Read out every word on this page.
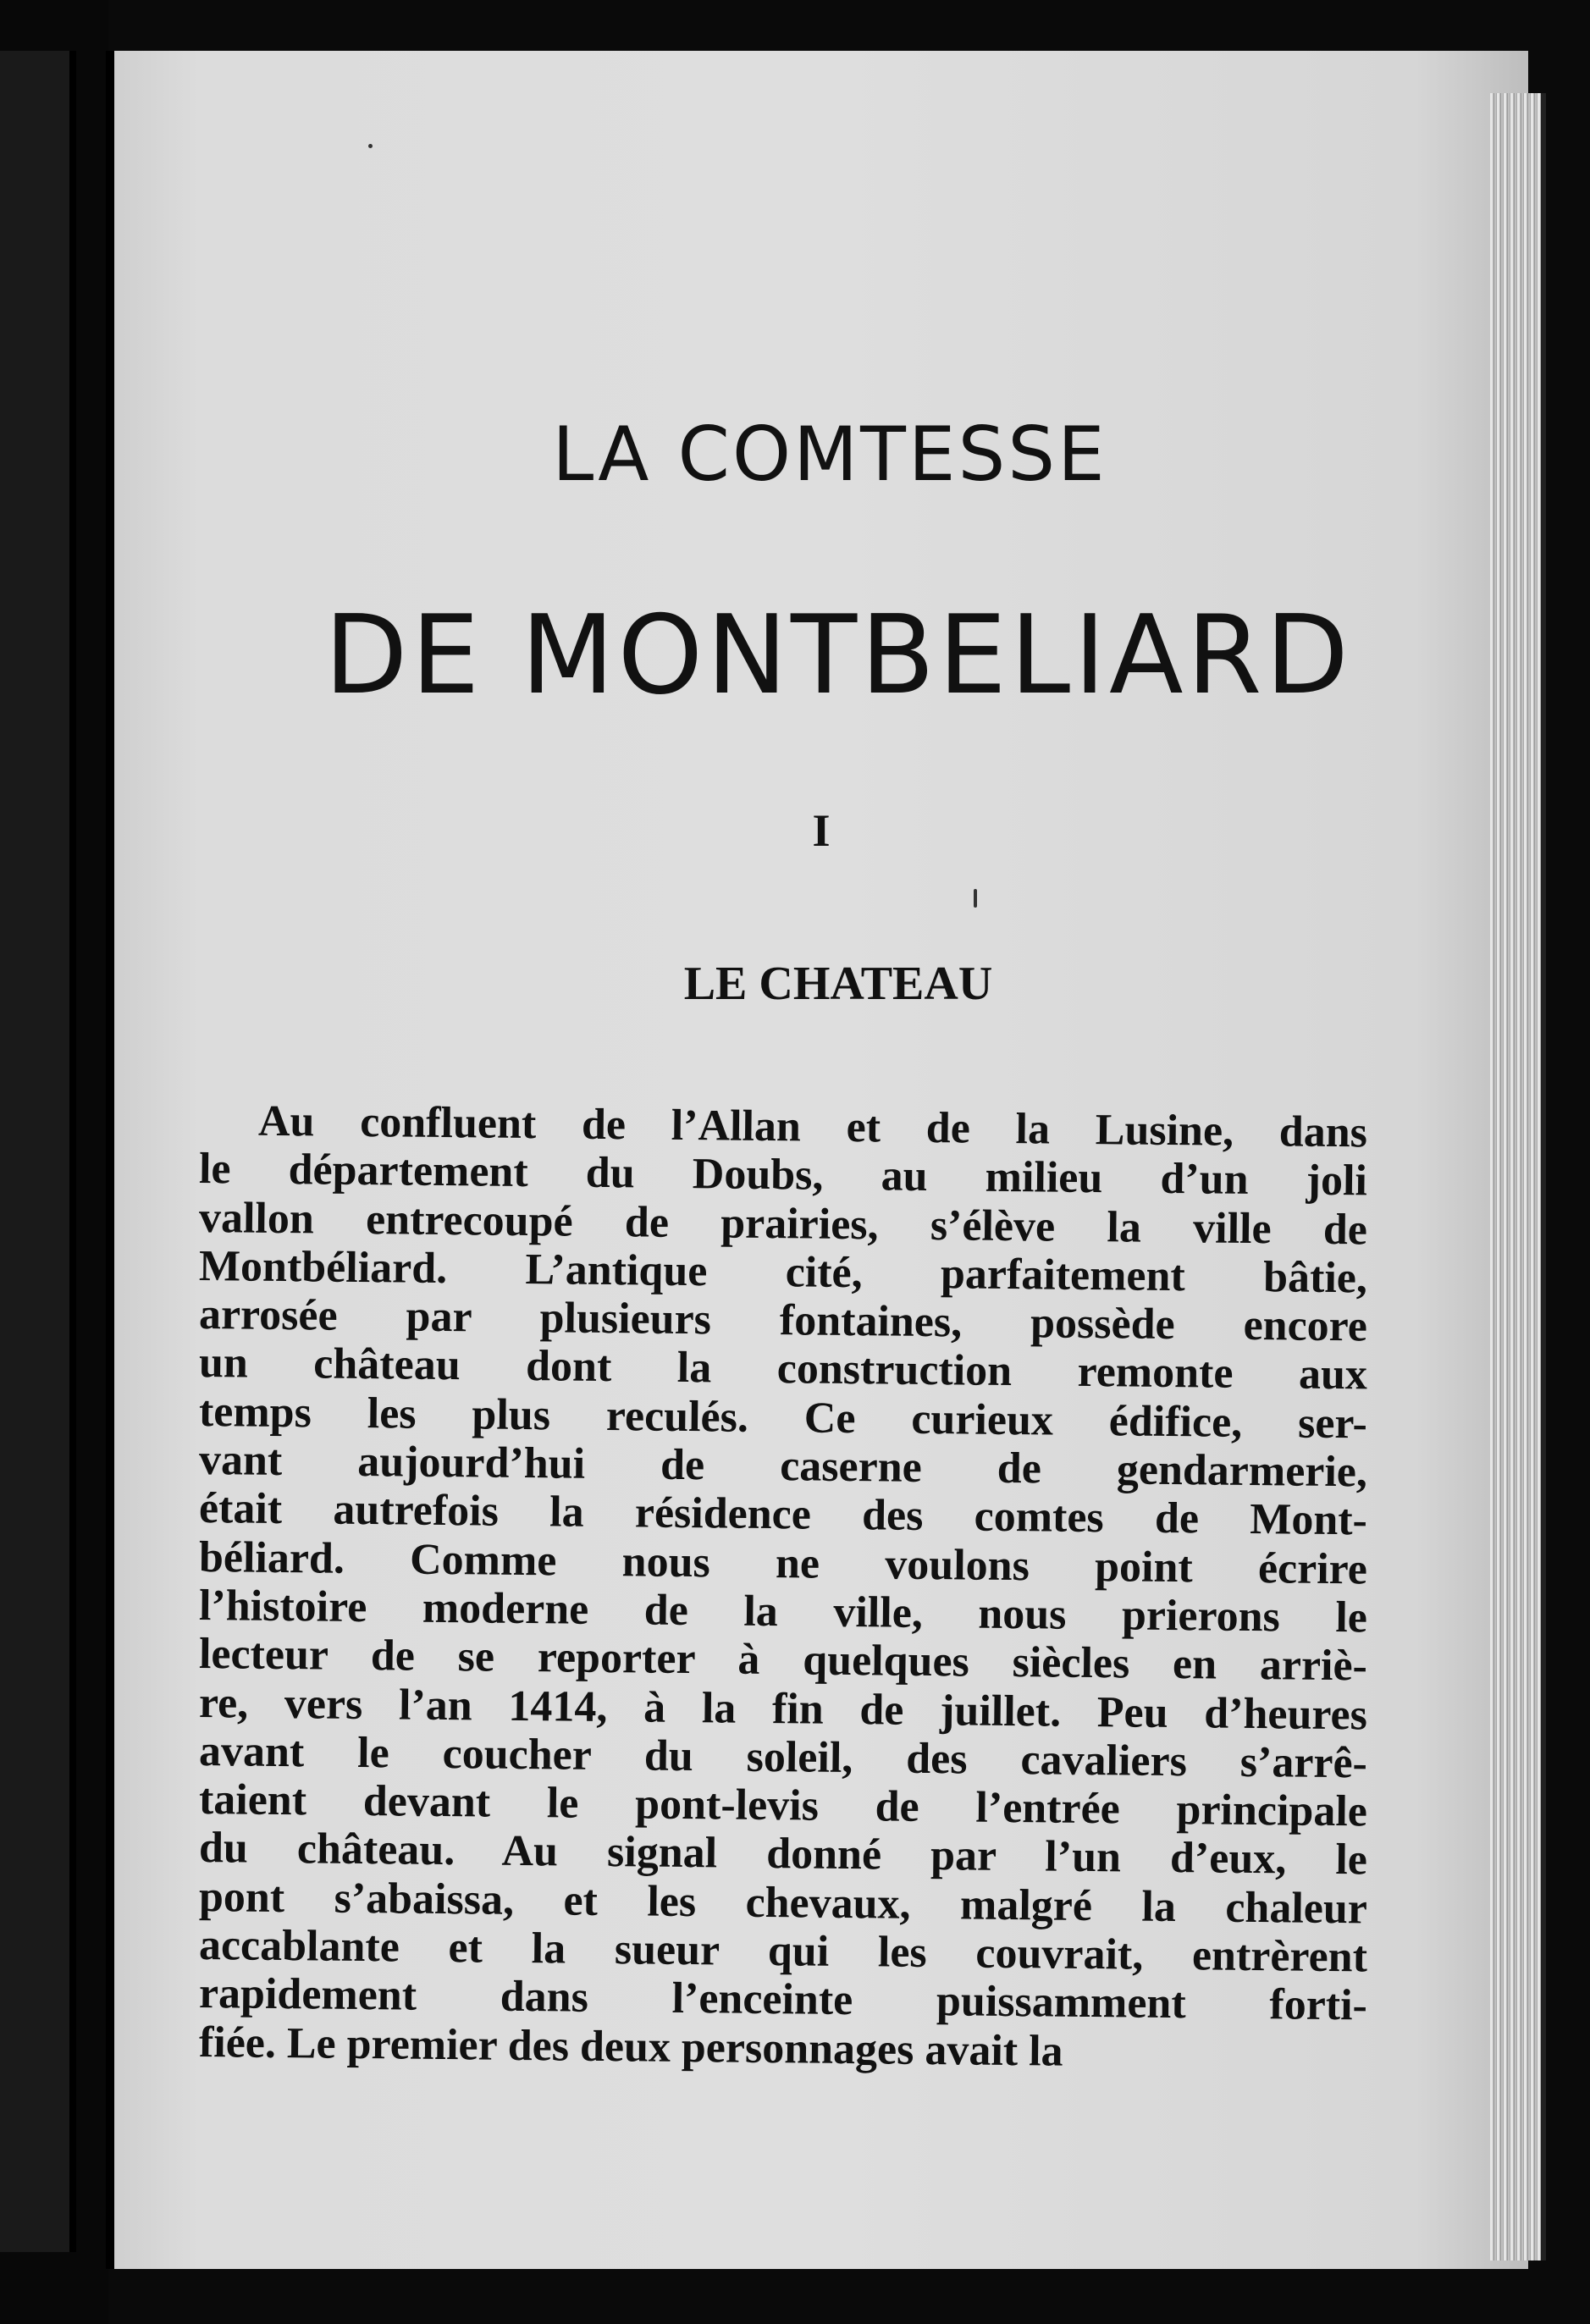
LA COMTESSE
DE MONTBELIARD
I
LE CHATEAU
Au confluent de l’Allan et de la Lusine, dans
le département du Doubs, au milieu d’un joli
vallon entrecoupé de prairies, s’élève la ville de
Montbéliard. L’antique cité, parfaitement bâtie,
arrosée par plusieurs fontaines, possède encore
un château dont la construction remonte aux
temps les plus reculés. Ce curieux édifice, ser-
vant aujourd’hui de caserne de gendarmerie,
était autrefois la résidence des comtes de Mont-
béliard. Comme nous ne voulons point écrire
l’histoire moderne de la ville, nous prierons le
lecteur de se reporter à quelques siècles en arriè-
re, vers l’an 1414, à la fin de juillet. Peu d’heures
avant le coucher du soleil, des cavaliers s’arrê-
taient devant le pont-levis de l’entrée principale
du château. Au signal donné par l’un d’eux, le
pont s’abaissa, et les chevaux, malgré la chaleur
accablante et la sueur qui les couvrait, entrèrent
rapidement dans l’enceinte puissamment forti-
fiée. Le premier des deux personnages avait la
